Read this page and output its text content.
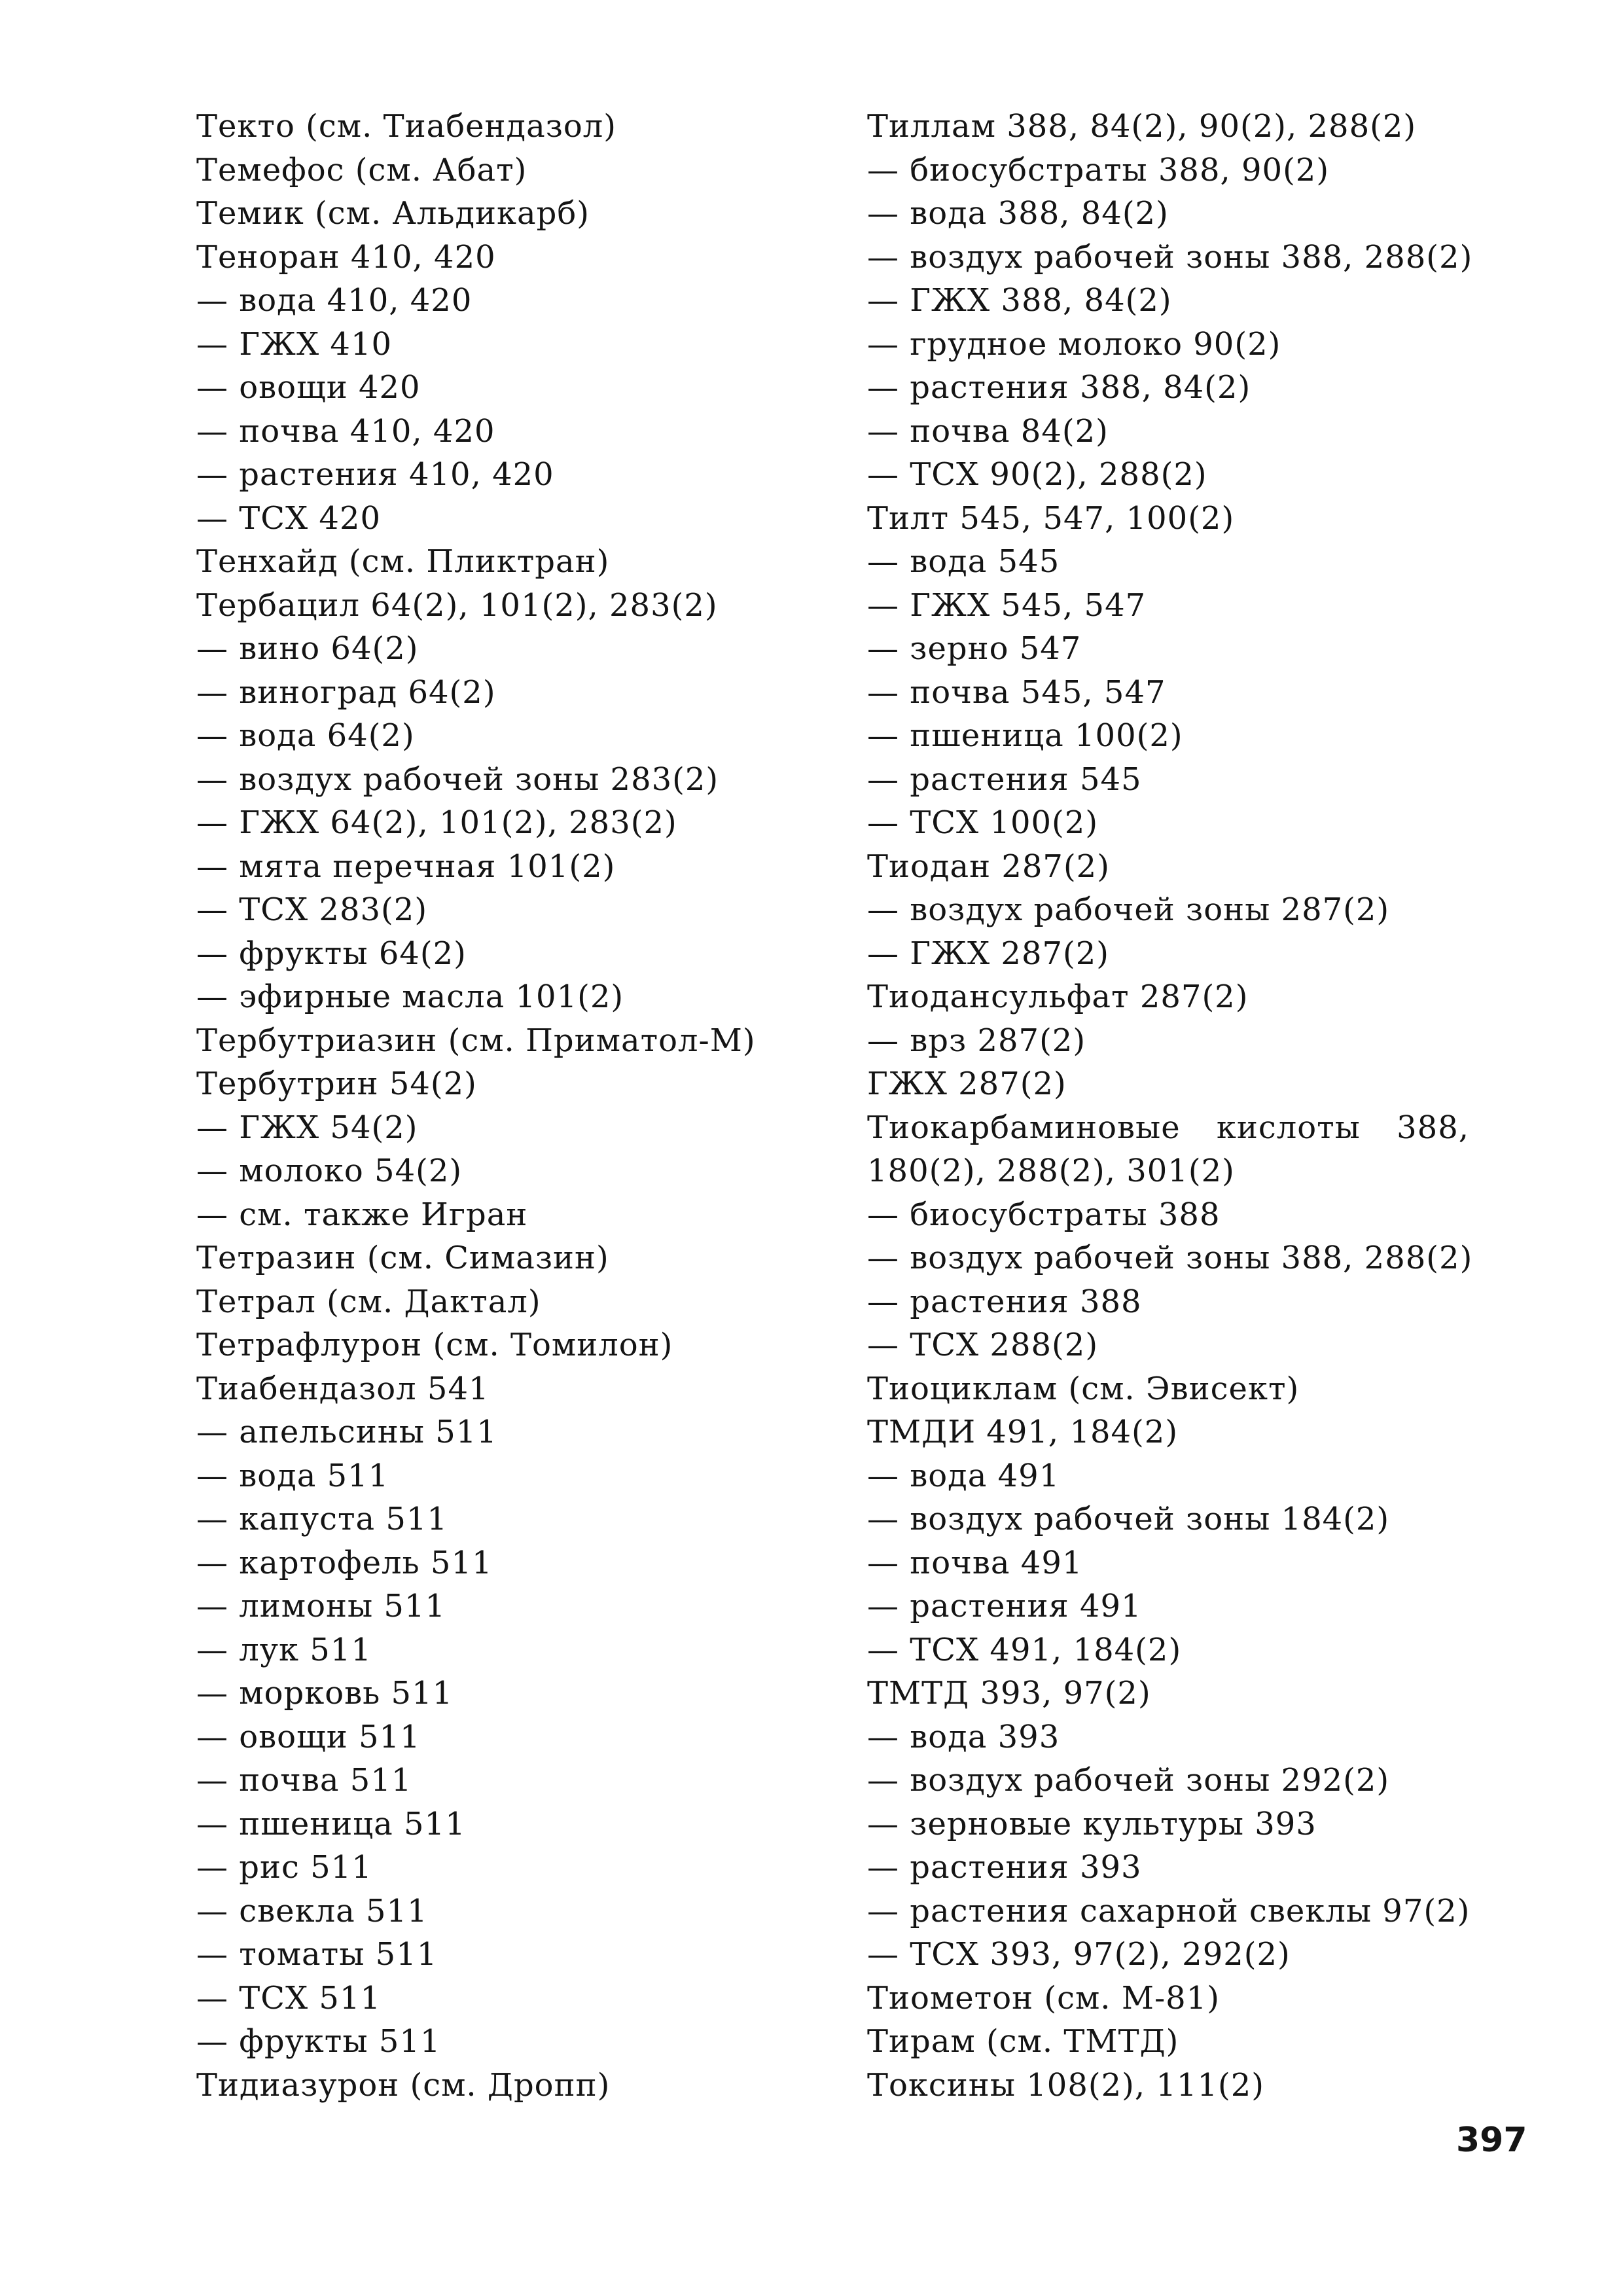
Текто (см. Тиабендазол)
Темефос (см. Абат)
Темик (см. Альдикарб)
Теноран 410, 420
— вода 410, 420
— ГЖХ 410
— овощи 420
— почва 410, 420
— растения 410, 420
— ТСХ 420
Тенхайд (см. Пликтран)
Тербацил 64(2), 101(2), 283(2)
— вино 64(2)
— виноград 64(2)
— вода 64(2)
— воздух рабочей зоны 283(2)
— ГЖХ 64(2), 101(2), 283(2)
— мята перечная 101(2)
— ТСХ 283(2)
— фрукты 64(2)
— эфирные масла 101(2)
Тербутриазин (см. Приматол-М)
Тербутрин 54(2)
— ГЖХ 54(2)
— молоко 54(2)
— см. также Игран
Тетразин (см. Симазин)
Тетрал (см. Дактал)
Тетрафлурон (см. Томилон)
Тиабендазол 541
— апельсины 511
— вода 511
— капуста 511
— картофель 511
— лимоны 511
— лук 511
— морковь 511
— овощи 511
— почва 511
— пшеница 511
— рис 511
— свекла 511
— томаты 511
— ТСХ 511
— фрукты 511
Тидиазурон (см. Дропп)
Тиллам 388, 84(2), 90(2), 288(2)
— биосубстраты 388, 90(2)
— вода 388, 84(2)
— воздух рабочей зоны 388, 288(2)
— ГЖХ 388, 84(2)
— грудное молоко 90(2)
— растения 388, 84(2)
— почва 84(2)
— ТСХ 90(2), 288(2)
Тилт 545, 547, 100(2)
— вода 545
— ГЖХ 545, 547
— зерно 547
— почва 545, 547
— пшеница 100(2)
— растения 545
— ТСХ 100(2)
Тиодан 287(2)
— воздух рабочей зоны 287(2)
— ГЖХ 287(2)
Тиодансульфат 287(2)
— врз 287(2)
ГЖХ 287(2)
Тиокарбаминовые кислоты 388,
180(2), 288(2), 301(2)
— биосубстраты 388
— воздух рабочей зоны 388, 288(2)
— растения 388
— ТСХ 288(2)
Тиоциклам (см. Эвисект)
ТМДИ 491, 184(2)
— вода 491
— воздух рабочей зоны 184(2)
— почва 491
— растения 491
— ТСХ 491, 184(2)
ТМТД 393, 97(2)
— вода 393
— воздух рабочей зоны 292(2)
— зерновые культуры 393
— растения 393
— растения сахарной свеклы 97(2)
— ТСХ 393, 97(2), 292(2)
Тиометон (см. М-81)
Тирам (см. ТМТД)
Токсины 108(2), 111(2)
397
